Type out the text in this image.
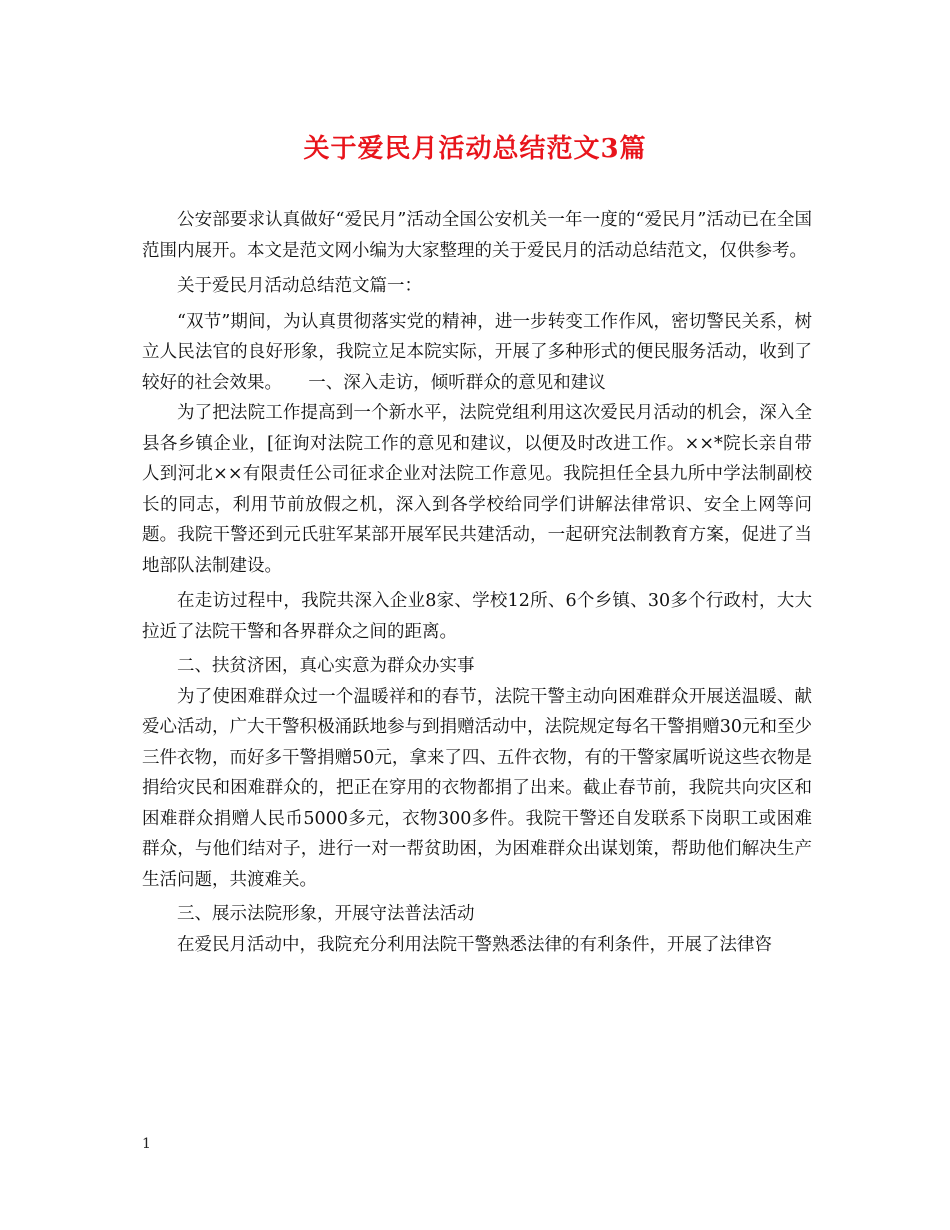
关于爱民月活动总结范文3篇

公安部要求认真做好“爱民月”活动全国公安机关一年一度的“爱民月”活动已在全国范围内展开。本文是范文网小编为大家整理的关于爱民月的活动总结范文，仅供参考。

关于爱民月活动总结范文篇一：

“双节”期间，为认真贯彻落实党的精神，进一步转变工作作风，密切警民关系，树立人民法官的良好形象，我院立足本院实际，开展了多种形式的便民服务活动，收到了较好的社会效果。　　一、深入走访，倾听群众的意见和建议

为了把法院工作提高到一个新水平，法院党组利用这次爱民月活动的机会，深入全县各乡镇企业，[征询对法院工作的意见和建议，以便及时改进工作。××*院长亲自带人到河北××有限责任公司征求企业对法院工作意见。我院担任全县九所中学法制副校长的同志，利用节前放假之机，深入到各学校给同学们讲解法律常识、安全上网等问题。我院干警还到元氏驻军某部开展军民共建活动，一起研究法制教育方案，促进了当地部队法制建设。

在走访过程中，我院共深入企业8家、学校12所、6个乡镇、30多个行政村，大大拉近了法院干警和各界群众之间的距离。

二、扶贫济困，真心实意为群众办实事

为了使困难群众过一个温暖祥和的春节，法院干警主动向困难群众开展送温暖、献爱心活动，广大干警积极涌跃地参与到捐赠活动中，法院规定每名干警捐赠30元和至少三件衣物，而好多干警捐赠50元，拿来了四、五件衣物，有的干警家属听说这些衣物是捐给灾民和困难群众的，把正在穿用的衣物都捐了出来。截止春节前，我院共向灾区和困难群众捐赠人民币5000多元，衣物300多件。我院干警还自发联系下岗职工或困难群众，与他们结对子，进行一对一帮贫助困，为困难群众出谋划策，帮助他们解决生产生活问题，共渡难关。

三、展示法院形象，开展守法普法活动

在爱民月活动中，我院充分利用法院干警熟悉法律的有利条件，开展了法律咨

1
